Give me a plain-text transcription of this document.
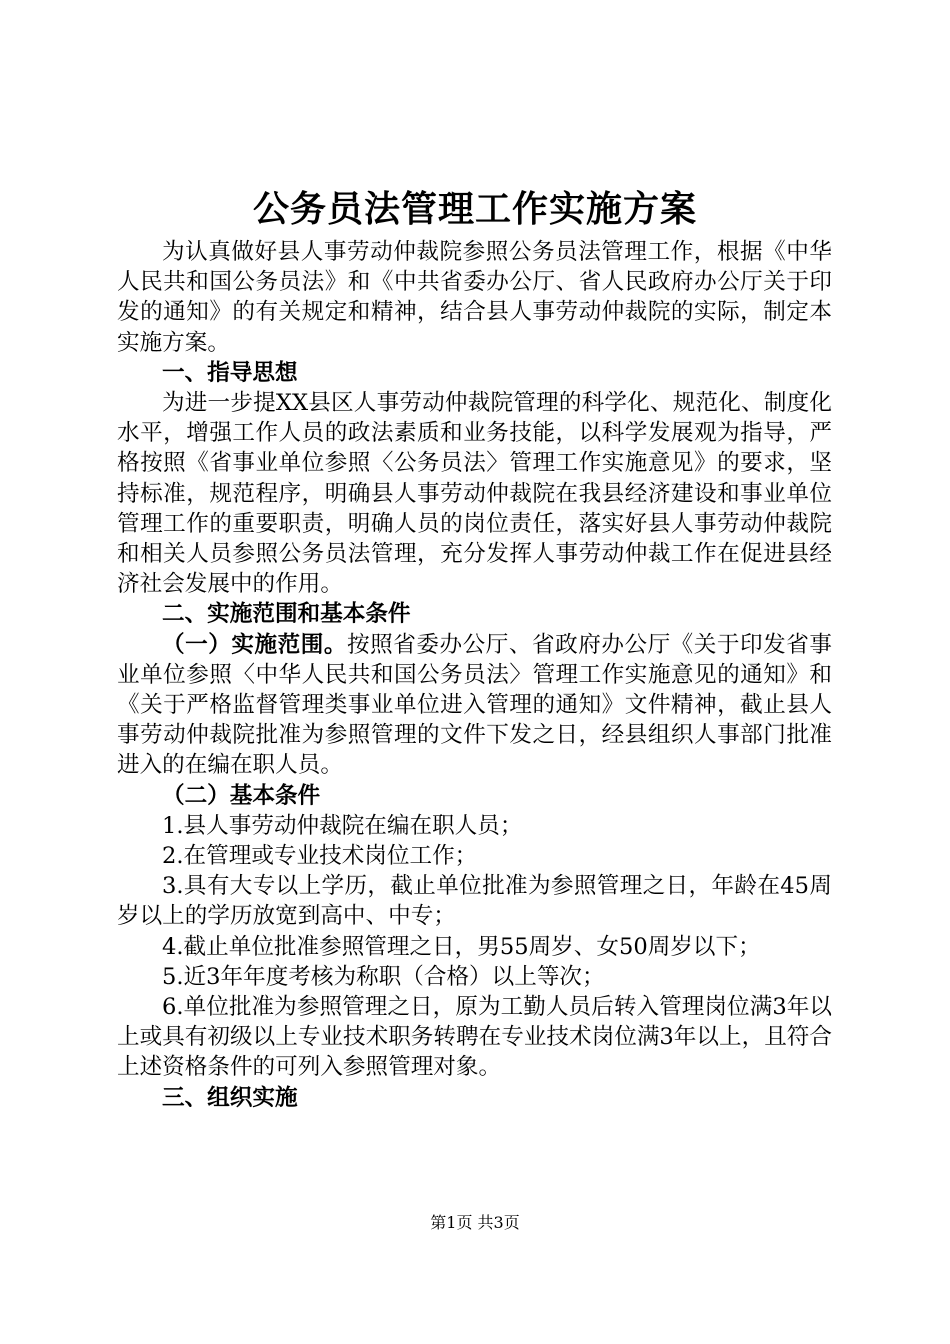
公务员法管理工作实施方案

为认真做好县人事劳动仲裁院参照公务员法管理工作，根据《中华人民共和国公务员法》和《中共省委办公厅、省人民政府办公厅关于印发的通知》的有关规定和精神，结合县人事劳动仲裁院的实际，制定本实施方案。

一、指导思想

为进一步提XX县区人事劳动仲裁院管理的科学化、规范化、制度化水平，增强工作人员的政法素质和业务技能，以科学发展观为指导，严格按照《省事业单位参照〈公务员法〉管理工作实施意见》的要求，坚持标准，规范程序，明确县人事劳动仲裁院在我县经济建设和事业单位管理工作的重要职责，明确人员的岗位责任，落实好县人事劳动仲裁院和相关人员参照公务员法管理，充分发挥人事劳动仲裁工作在促进县经济社会发展中的作用。

二、实施范围和基本条件

（一）实施范围。按照省委办公厅、省政府办公厅《关于印发省事业单位参照〈中华人民共和国公务员法〉管理工作实施意见的通知》和《关于严格监督管理类事业单位进入管理的通知》文件精神，截止县人事劳动仲裁院批准为参照管理的文件下发之日，经县组织人事部门批准进入的在编在职人员。

（二）基本条件

1.县人事劳动仲裁院在编在职人员；

2.在管理或专业技术岗位工作；

3.具有大专以上学历，截止单位批准为参照管理之日，年龄在45周岁以上的学历放宽到高中、中专；

4.截止单位批准参照管理之日，男55周岁、女50周岁以下；

5.近3年年度考核为称职（合格）以上等次；

6.单位批准为参照管理之日，原为工勤人员后转入管理岗位满3年以上或具有初级以上专业技术职务转聘在专业技术岗位满3年以上，且符合上述资格条件的可列入参照管理对象。

三、组织实施

第1页 共3页
